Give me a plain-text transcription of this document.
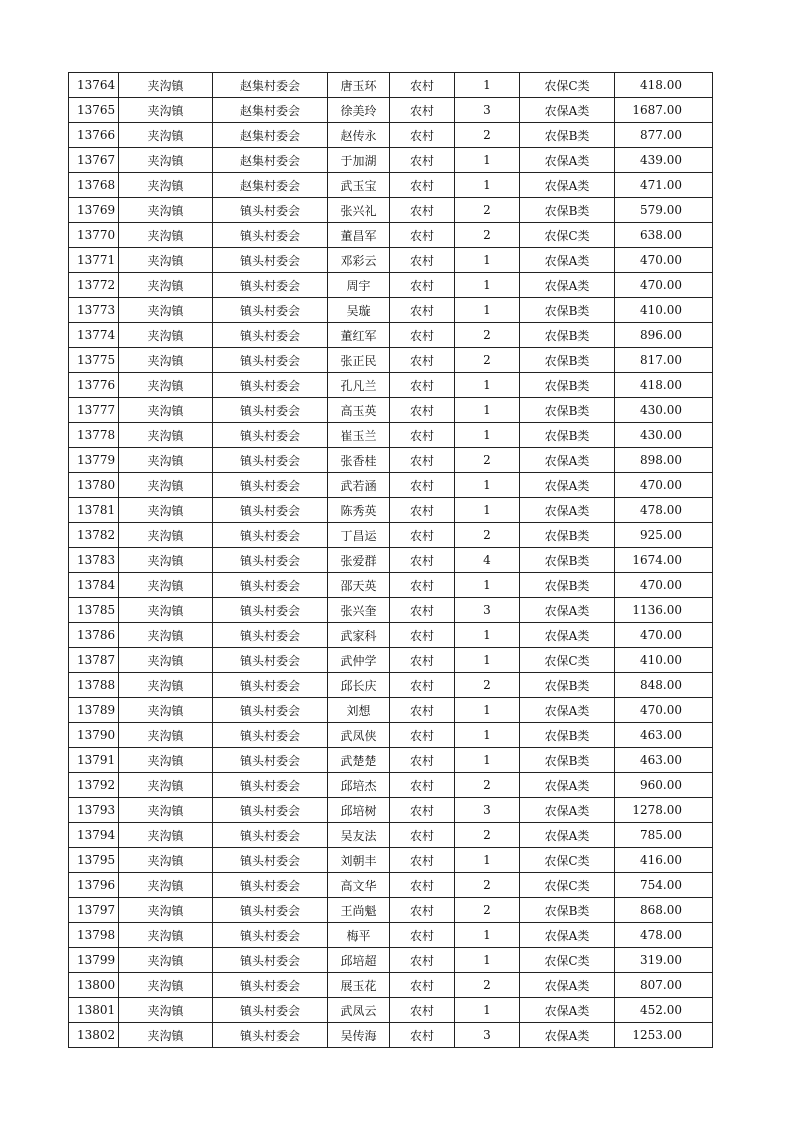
13764	夹沟镇	赵集村委会	唐玉环	农村	1	农保C类	418.00
13765	夹沟镇	赵集村委会	徐美玲	农村	3	农保A类	1687.00
13766	夹沟镇	赵集村委会	赵传永	农村	2	农保B类	877.00
13767	夹沟镇	赵集村委会	于加湖	农村	1	农保A类	439.00
13768	夹沟镇	赵集村委会	武玉宝	农村	1	农保A类	471.00
13769	夹沟镇	镇头村委会	张兴礼	农村	2	农保B类	579.00
13770	夹沟镇	镇头村委会	董昌军	农村	2	农保C类	638.00
13771	夹沟镇	镇头村委会	邓彩云	农村	1	农保A类	470.00
13772	夹沟镇	镇头村委会	周宇	农村	1	农保A类	470.00
13773	夹沟镇	镇头村委会	吴璇	农村	1	农保B类	410.00
13774	夹沟镇	镇头村委会	董红军	农村	2	农保B类	896.00
13775	夹沟镇	镇头村委会	张正民	农村	2	农保B类	817.00
13776	夹沟镇	镇头村委会	孔凡兰	农村	1	农保B类	418.00
13777	夹沟镇	镇头村委会	高玉英	农村	1	农保B类	430.00
13778	夹沟镇	镇头村委会	崔玉兰	农村	1	农保B类	430.00
13779	夹沟镇	镇头村委会	张香桂	农村	2	农保A类	898.00
13780	夹沟镇	镇头村委会	武若涵	农村	1	农保A类	470.00
13781	夹沟镇	镇头村委会	陈秀英	农村	1	农保A类	478.00
13782	夹沟镇	镇头村委会	丁昌运	农村	2	农保B类	925.00
13783	夹沟镇	镇头村委会	张爱群	农村	4	农保B类	1674.00
13784	夹沟镇	镇头村委会	邵天英	农村	1	农保B类	470.00
13785	夹沟镇	镇头村委会	张兴奎	农村	3	农保A类	1136.00
13786	夹沟镇	镇头村委会	武家科	农村	1	农保A类	470.00
13787	夹沟镇	镇头村委会	武仲学	农村	1	农保C类	410.00
13788	夹沟镇	镇头村委会	邱长庆	农村	2	农保B类	848.00
13789	夹沟镇	镇头村委会	刘想	农村	1	农保A类	470.00
13790	夹沟镇	镇头村委会	武凤侠	农村	1	农保B类	463.00
13791	夹沟镇	镇头村委会	武楚楚	农村	1	农保B类	463.00
13792	夹沟镇	镇头村委会	邱培杰	农村	2	农保A类	960.00
13793	夹沟镇	镇头村委会	邱培树	农村	3	农保A类	1278.00
13794	夹沟镇	镇头村委会	吴友法	农村	2	农保A类	785.00
13795	夹沟镇	镇头村委会	刘朝丰	农村	1	农保C类	416.00
13796	夹沟镇	镇头村委会	高文华	农村	2	农保C类	754.00
13797	夹沟镇	镇头村委会	王尚魁	农村	2	农保B类	868.00
13798	夹沟镇	镇头村委会	梅平	农村	1	农保A类	478.00
13799	夹沟镇	镇头村委会	邱培超	农村	1	农保C类	319.00
13800	夹沟镇	镇头村委会	展玉花	农村	2	农保A类	807.00
13801	夹沟镇	镇头村委会	武凤云	农村	1	农保A类	452.00
13802	夹沟镇	镇头村委会	吴传海	农村	3	农保A类	1253.00
